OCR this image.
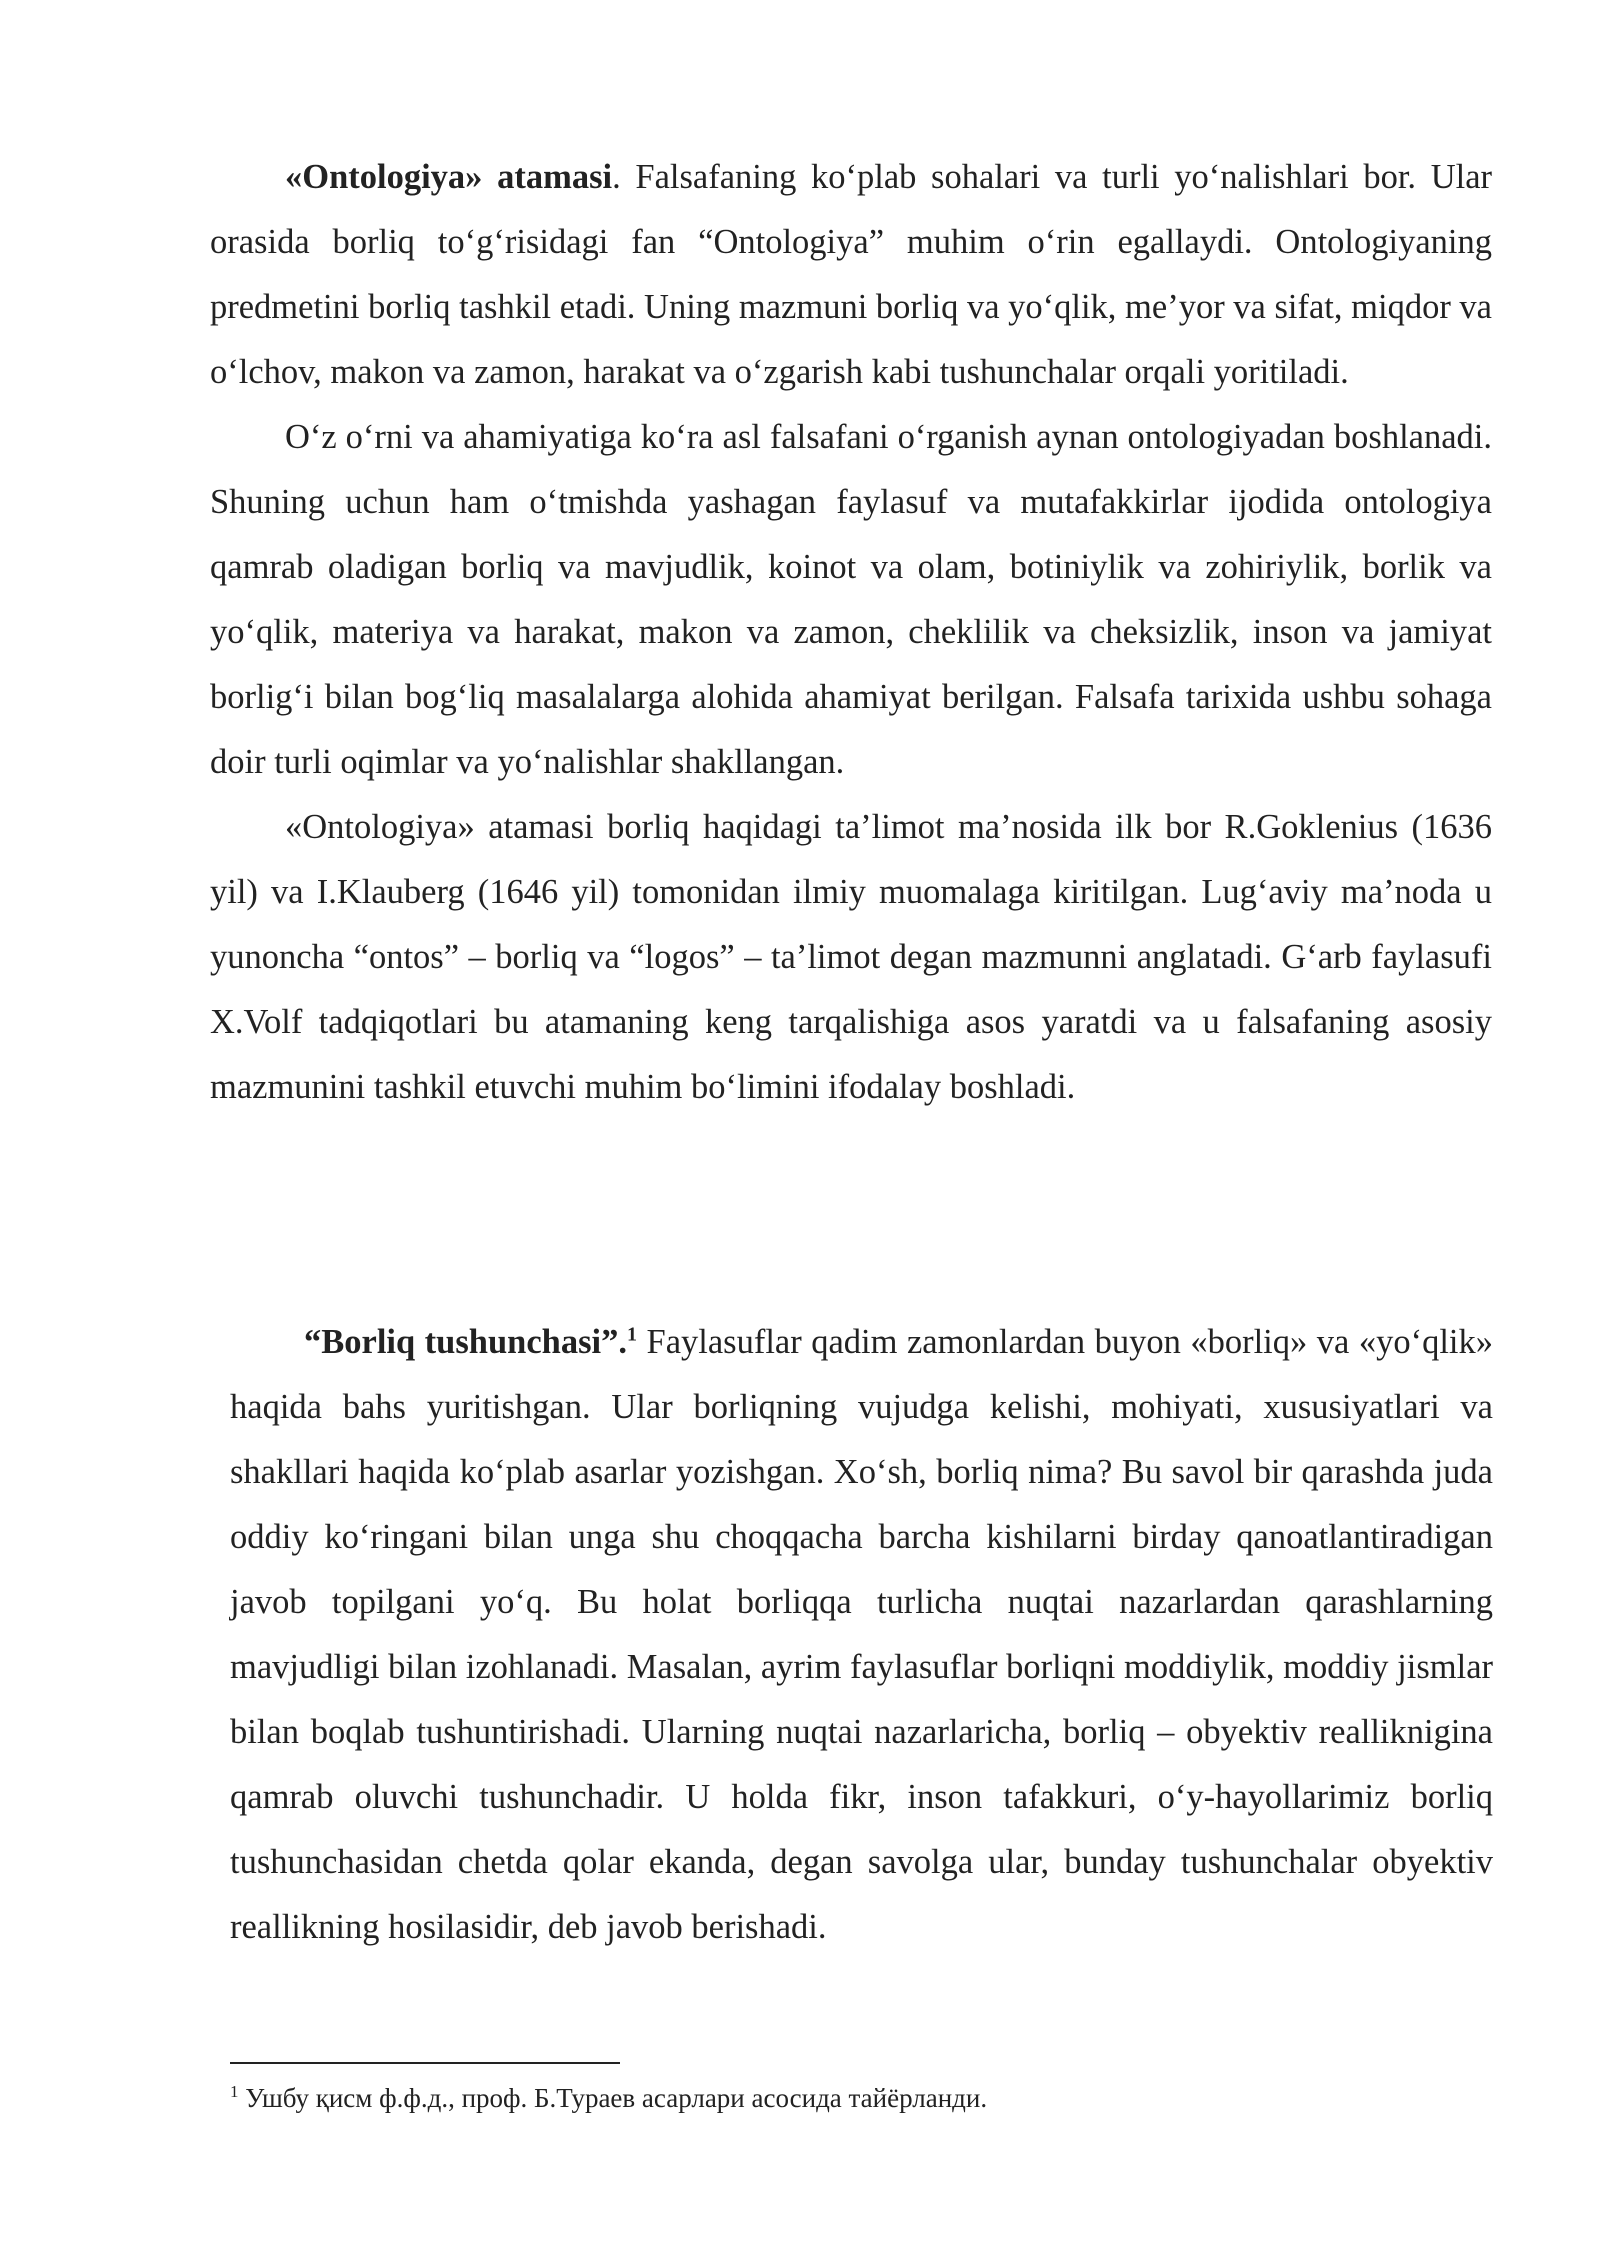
«Ontologiya» atamasi. Falsafaning ko‘plab sohalari va turli yo‘nalishlari bor. Ular orasida borliq to‘g‘risidagi fan “Ontologiya” muhim o‘rin egallaydi. Ontologiyaning predmetini borliq tashkil etadi. Uning mazmuni borliq va yo‘qlik, me’yor va sifat, miqdor va o‘lchov, makon va zamon, harakat va o‘zgarish kabi tushunchalar orqali yoritiladi.

O‘z o‘rni va ahamiyatiga ko‘ra asl falsafani o‘rganish aynan ontologiyadan boshlanadi. Shuning uchun ham o‘tmishda yashagan faylasuf va mutafakkirlar ijodida ontologiya qamrab oladigan borliq va mavjudlik, koinot va olam, botiniylik va zohiriylik, borlik va yo‘qlik, materiya va harakat, makon va zamon, cheklilik va cheksizlik, inson va jamiyat borlig‘i bilan bog‘liq masalalarga alohida ahamiyat berilgan. Falsafa tarixida ushbu sohaga doir turli oqimlar va yo‘nalishlar shakllangan.

«Ontologiya» atamasi borliq haqidagi ta’limot ma’nosida ilk bor R.Goklenius (1636 yil) va I.Klauberg (1646 yil) tomonidan ilmiy muomalaga kiritilgan. Lug‘aviy ma’noda u yunoncha “ontos” – borliq va “logos” – ta’limot degan mazmunni anglatadi. G‘arb faylasufi X.Volf tadqiqotlari bu atamaning keng tarqalishiga asos yaratdi va u falsafaning asosiy mazmunini tashkil etuvchi muhim bo‘limini ifodalay boshladi.

“Borliq tushunchasi”.$^1$ Faylasuflar qadim zamonlardan buyon «borliq» va «yo‘qlik» haqida bahs yuritishgan. Ular borliqning vujudga kelishi, mohiyati, xususiyatlari va shakllari haqida ko‘plab asarlar yozishgan. Xo‘sh, borliq nima? Bu savol bir qarashda juda oddiy ko‘ringani bilan unga shu choqqacha barcha kishilarni birday qanoatlantiradigan javob topilgani yo‘q. Bu holat borliqqa turlicha nuqtai nazarlardan qarashlarning mavjudligi bilan izohlanadi. Masalan, ayrim faylasuflar borliqni moddiylik, moddiy jismlar bilan boqlab tushuntirishadi. Ularning nuqtai nazarlaricha, borliq – obyektiv reallikniginа qamrab oluvchi tushunchadir. U holda fikr, inson tafakkuri, o‘y-hayollarimiz borliq tushunchasidan chetda qolar ekanda, degan savolga ular, bunday tushunchalar obyektiv reallikning hosilasidir, deb javob berishadi.

$^1$ Ушбу қисм ф.ф.д., проф. Б.Тураев асарлари асосида тайёрланди.
